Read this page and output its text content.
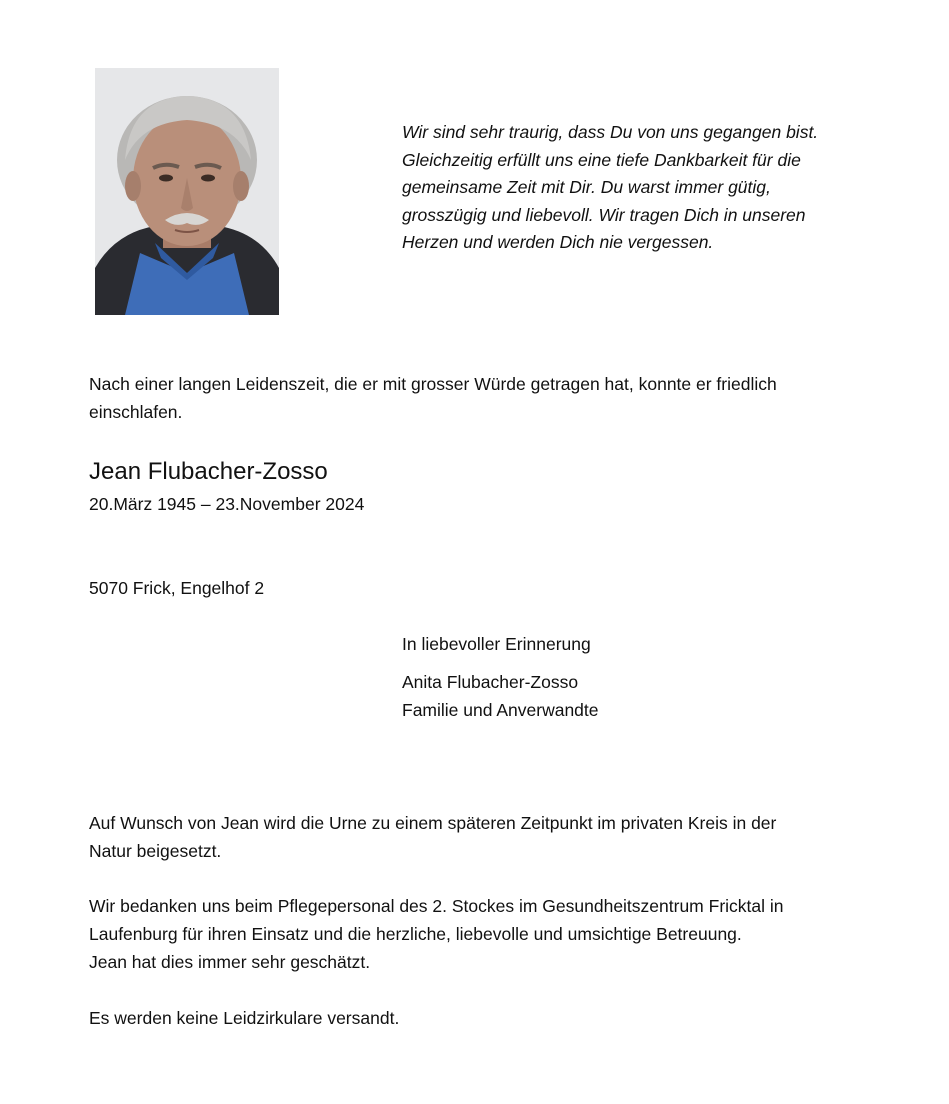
Wir sind sehr traurig, dass Du von uns gegangen bist.
Gleichzeitig erfüllt uns eine tiefe Dankbarkeit für die
gemeinsame Zeit mit Dir. Du warst immer gütig,
grosszügig und liebevoll. Wir tragen Dich in unseren
Herzen und werden Dich nie vergessen.

Nach einer langen Leidenszeit, die er mit grosser Würde getragen hat, konnte er friedlich
einschlafen.

Jean Flubacher-Zosso

20.März 1945 – 23.November 2024

5070 Frick, Engelhof 2

In liebevoller Erinnerung

Anita Flubacher-Zosso
Familie und Anverwandte

Auf Wunsch von Jean wird die Urne zu einem späteren Zeitpunkt im privaten Kreis in der
Natur beigesetzt.

Wir bedanken uns beim Pflegepersonal des 2. Stockes im Gesundheitszentrum Fricktal in
Laufenburg für ihren Einsatz und die herzliche, liebevolle und umsichtige Betreuung.
Jean hat dies immer sehr geschätzt.

Es werden keine Leidzirkulare versandt.
